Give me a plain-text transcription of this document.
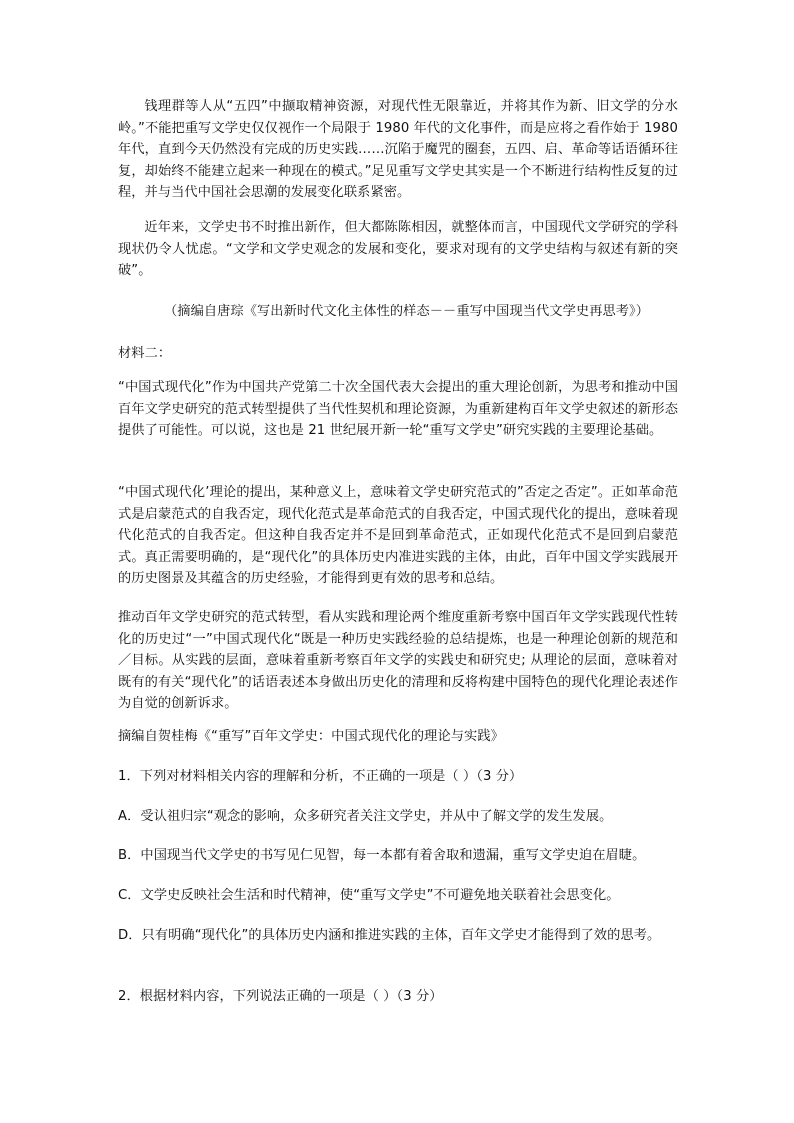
钱理群等人从“五四”中撷取精神资源，对现代性无限靠近，并将其作为新、旧文学的分水岭。”不能把重写文学史仅仅视作一个局限于 1980 年代的文化事件，而是应将之看作始于 1980 年代，直到今天仍然没有完成的历史实践……沉陷于魔咒的圈套，五四、启、革命等话语循环往复，却始终不能建立起来一种现在的模式。”足见重写文学史其实是一个不断进行结构性反复的过程，并与当代中国社会思潮的发展变化联系紧密。

近年来，文学史书不时推出新作，但大都陈陈相因，就整体而言，中国现代文学研究的学科现状仍令人忧虑。“文学和文学史观念的发展和变化，要求对现有的文学史结构与叙述有新的突破”。

（摘编自唐琮《写出新时代文化主体性的样态－－重写中国现当代文学史再思考》）

材料二：

“中国式现代化”作为中国共产党第二十次全国代表大会提出的重大理论创新，为思考和推动中国百年文学史研究的范式转型提供了当代性契机和理论资源，为重新建构百年文学史叙述的新形态提供了可能性。可以说，这也是 21 世纪展开新一轮“重写文学史”研究实践的主要理论基础。

“中国式现代化’理论的提出，某种意义上，意味着文学史研究范式的”否定之否定”。正如革命范式是启蒙范式的自我否定，现代化范式是革命范式的自我否定，中国式现代化的提出，意味着现代化范式的自我否定。但这种自我否定并不是回到革命范式，正如现代化范式不是回到启蒙范式。真正需要明确的，是“现代化”的具体历史内准进实践的主体，由此，百年中国文学实践展开的历史图景及其蕴含的历史经验，才能得到更有效的思考和总结。

推动百年文学史研究的范式转型，看从实践和理论两个维度重新考察中国百年文学实践现代性转化的历史过“一”中国式现代化“既是一种历史实践经验的总结提炼，也是一种理论创新的规范和／目标。从实践的层面，意味着重新考察百年文学的实践史和研究史; 从理论的层面，意味着对既有的有关“现代化”的话语表述本身做出历史化的清理和反将构建中国特色的现代化理论表述作为自觉的创新诉求。

摘编自贺桂梅《“重写”百年文学史：中国式现代化的理论与实践》

1．下列对材料相关内容的理解和分析，不正确的一项是（ ）（3 分）

A．受认祖归宗“观念的影响，众多研究者关注文学史，并从中了解文学的发生发展。

B．中国现当代文学史的书写见仁见智，每一本都有着舍取和遗漏，重写文学史迫在眉睫。

C．文学史反映社会生活和时代精神，使“重写文学史”不可避免地关联着社会思变化。

D．只有明确“现代化”的具体历史内涵和推进实践的主体，百年文学史才能得到了效的思考。

2．根据材料内容，下列说法正确的一项是（ ）（3 分）
